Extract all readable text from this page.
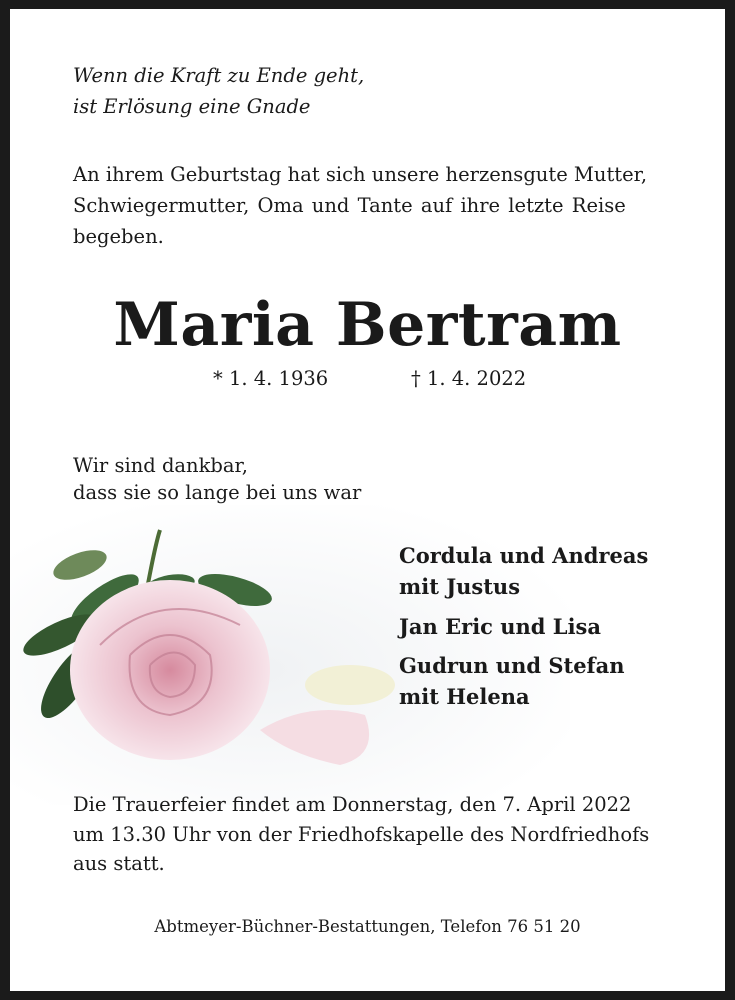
Wenn die Kraft zu Ende geht,
ist Erlösung eine Gnade
An ihrem Geburtstag hat sich unsere herzensgute Mutter,
Schwiegermutter, Oma und Tante auf ihre letzte Reise
begeben.
Maria Bertram
* 1. 4. 1936	† 1. 4. 2022
Wir sind dankbar,
dass sie so lange bei uns war
Cordula und Andreas
mit Justus
Jan Eric und Lisa
Gudrun und Stefan
mit Helena
Die Trauerfeier findet am Donnerstag, den 7. April 2022
um 13.30 Uhr von der Friedhofskapelle des Nordfriedhofs
aus statt.
Abtmeyer-Büchner-Bestattungen, Telefon 76 51 20
